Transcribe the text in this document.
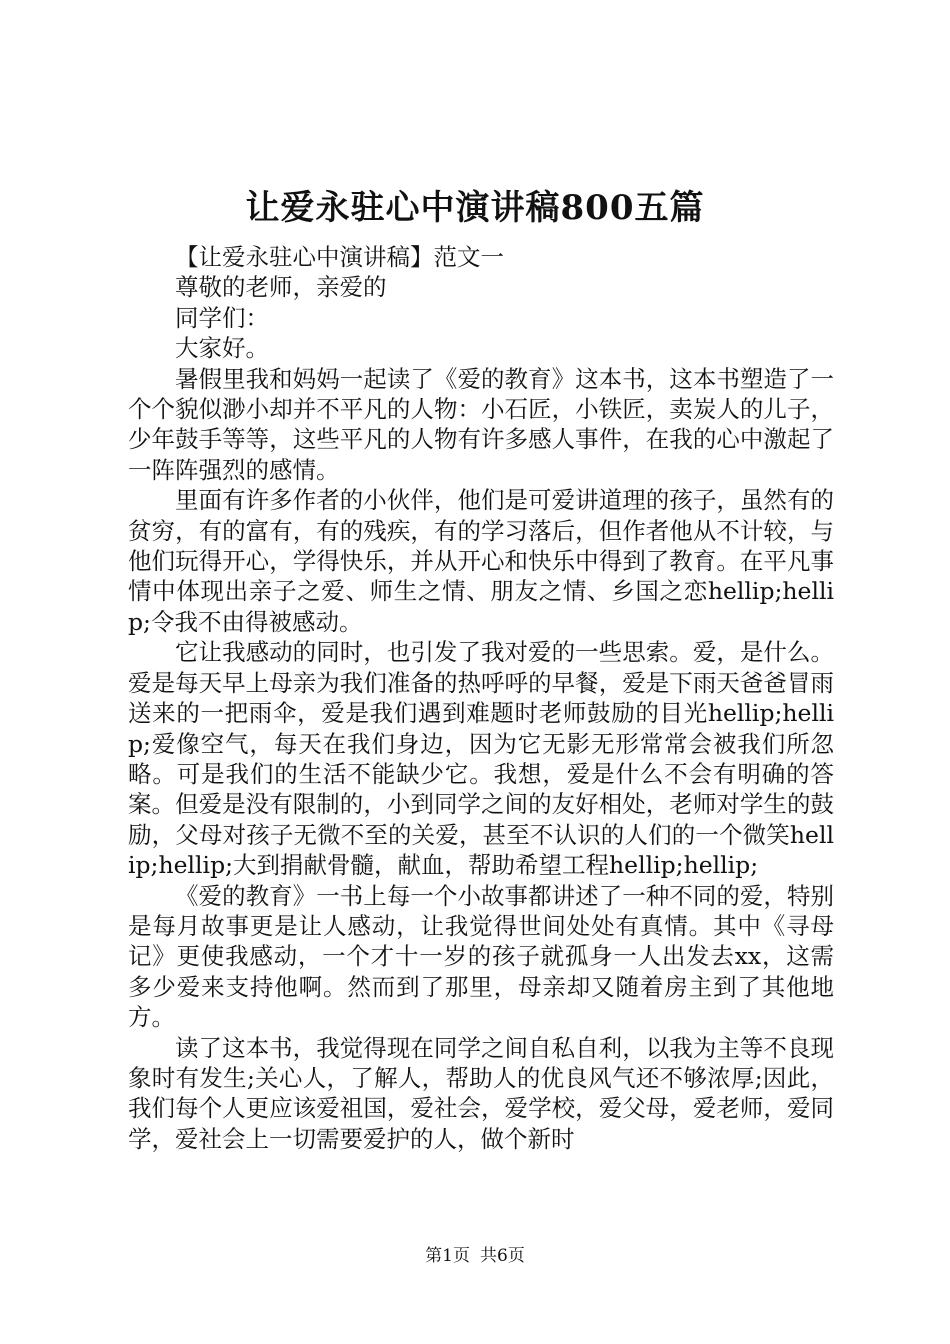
让爱永驻心中演讲稿800五篇

【让爱永驻心中演讲稿】范文一

尊敬的老师，亲爱的

同学们：

大家好。

暑假里我和妈妈一起读了《爱的教育》这本书，这本书塑造了一个个貌似渺小却并不平凡的人物：小石匠，小铁匠，卖炭人的儿子，少年鼓手等等，这些平凡的人物有许多感人事件，在我的心中激起了一阵阵强烈的感情。

里面有许多作者的小伙伴，他们是可爱讲道理的孩子，虽然有的贫穷，有的富有，有的残疾，有的学习落后，但作者他从不计较，与他们玩得开心，学得快乐，并从开心和快乐中得到了教育。在平凡事情中体现出亲子之爱、师生之情、朋友之情、乡国之恋hellip;hellip;令我不由得被感动。

它让我感动的同时，也引发了我对爱的一些思索。爱，是什么。爱是每天早上母亲为我们准备的热呼呼的早餐，爱是下雨天爸爸冒雨送来的一把雨伞，爱是我们遇到难题时老师鼓励的目光hellip;hellip;爱像空气，每天在我们身边，因为它无影无形常常会被我们所忽略。可是我们的生活不能缺少它。我想，爱是什么不会有明确的答案。但爱是没有限制的，小到同学之间的友好相处，老师对学生的鼓励，父母对孩子无微不至的关爱，甚至不认识的人们的一个微笑hellip;hellip;大到捐献骨髓，献血，帮助希望工程hellip;hellip;

《爱的教育》一书上每一个小故事都讲述了一种不同的爱，特别是每月故事更是让人感动，让我觉得世间处处有真情。其中《寻母记》更使我感动，一个才十一岁的孩子就孤身一人出发去xx，这需多少爱来支持他啊。然而到了那里，母亲却又随着房主到了其他地方。

读了这本书，我觉得现在同学之间自私自利，以我为主等不良现象时有发生;关心人，了解人，帮助人的优良风气还不够浓厚;因此，我们每个人更应该爱祖国，爱社会，爱学校，爱父母，爱老师，爱同学，爱社会上一切需要爱护的人，做个新时

第1页 共6页
